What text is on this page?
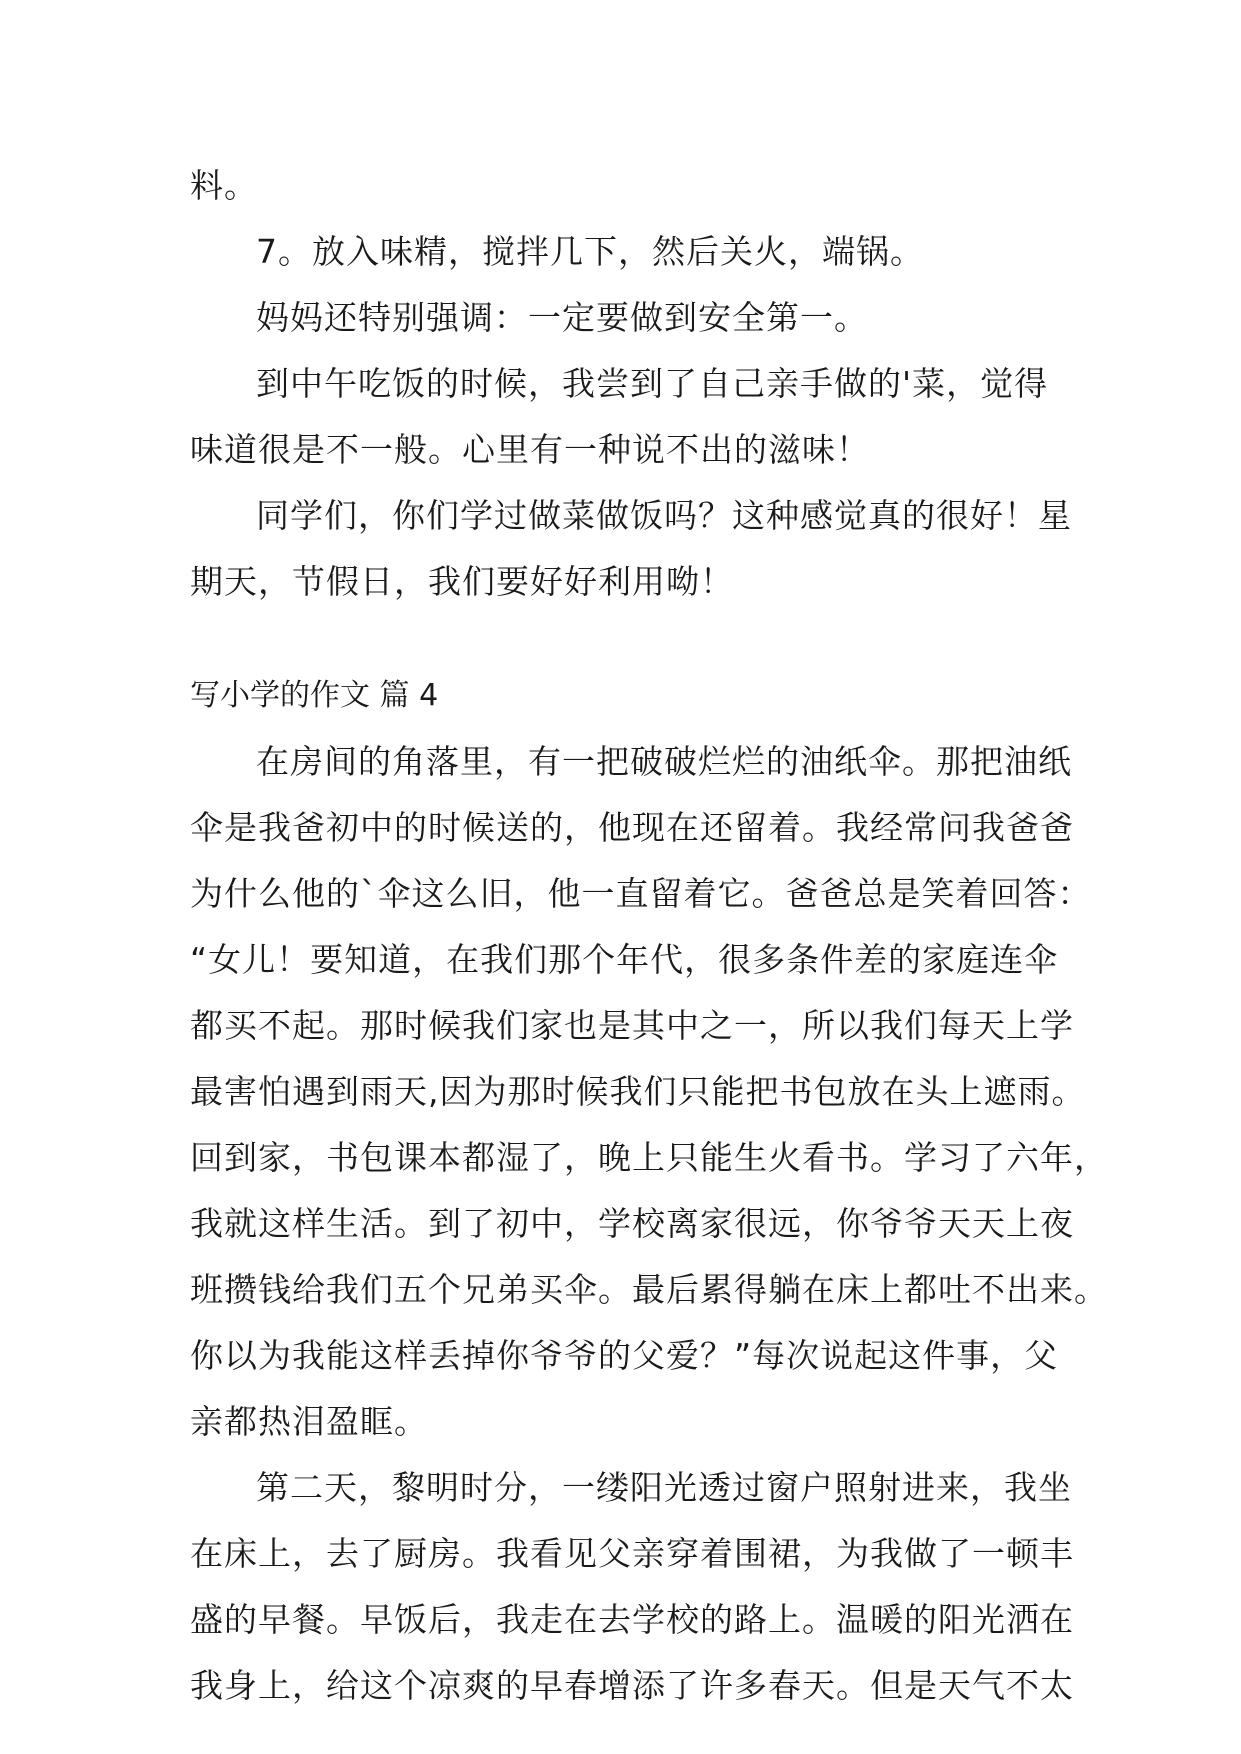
料。
7。放入味精，搅拌几下，然后关火，端锅。
妈妈还特别强调：一定要做到安全第一。
到中午吃饭的时候，我尝到了自己亲手做的'菜，觉得
味道很是不一般。心里有一种说不出的滋味！
同学们，你们学过做菜做饭吗？这种感觉真的很好！星
期天，节假日，我们要好好利用呦！
写小学的作文 篇 4
在房间的角落里，有一把破破烂烂的油纸伞。那把油纸
伞是我爸初中的时候送的，他现在还留着。我经常问我爸爸
为什么他的`伞这么旧，他一直留着它。爸爸总是笑着回答：
“女儿！要知道，在我们那个年代，很多条件差的家庭连伞
都买不起。那时候我们家也是其中之一，所以我们每天上学
最害怕遇到雨天,因为那时候我们只能把书包放在头上遮雨。
回到家，书包课本都湿了，晚上只能生火看书。学习了六年，
我就这样生活。到了初中，学校离家很远，你爷爷天天上夜
班攒钱给我们五个兄弟买伞。最后累得躺在床上都吐不出来。
你以为我能这样丢掉你爷爷的父爱？”每次说起这件事，父
亲都热泪盈眶。
第二天，黎明时分，一缕阳光透过窗户照射进来，我坐
在床上，去了厨房。我看见父亲穿着围裙，为我做了一顿丰
盛的早餐。早饭后，我走在去学校的路上。温暖的阳光洒在
我身上，给这个凉爽的早春增添了许多春天。但是天气不太
